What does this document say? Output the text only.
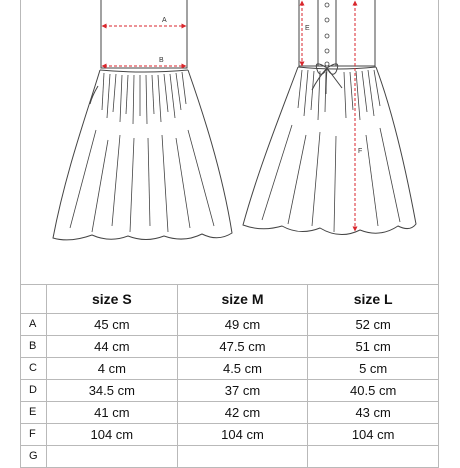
A
B
E
F
	size S	size M	size L
A	45 cm	49 cm	52 cm
B	44 cm	47.5 cm	51 cm
C	4 cm	4.5 cm	5 cm
D	34.5 cm	37 cm	40.5 cm
E	41 cm	42 cm	43 cm
F	104 cm	104 cm	104 cm
G			
